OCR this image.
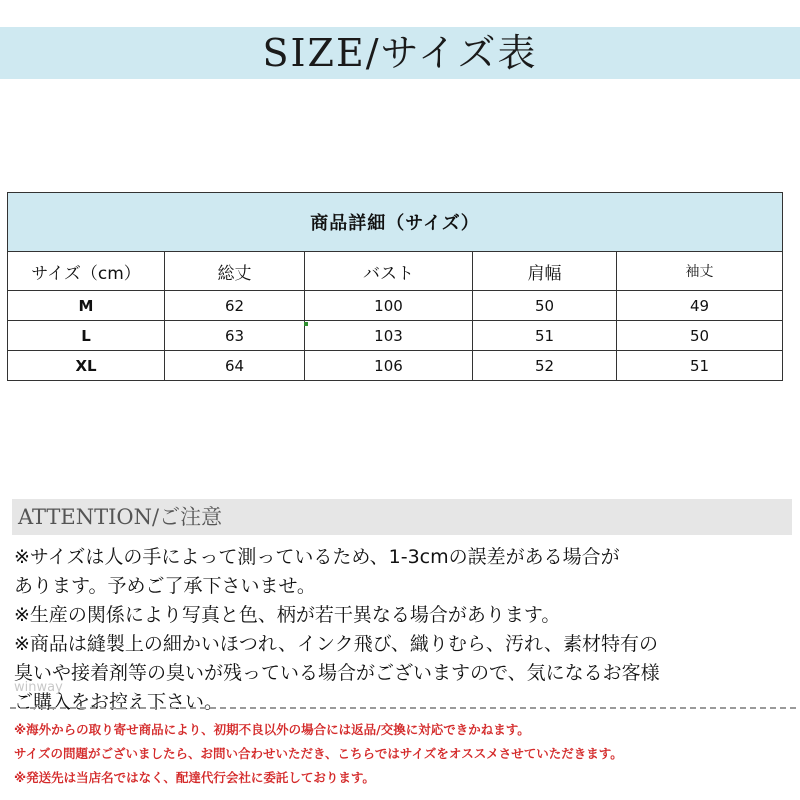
SIZE/サイズ表
商品詳細（サイズ）				
サイズ（cm）	総丈	バスト	肩幅	袖丈
M	62	100	50	49
L	63	103	51	50
XL	64	106	52	51
ATTENTION/ご注意

※サイズは人の手によって測っているため、1-3cmの誤差がある場合が

あります。予めご了承下さいませ。

※生産の関係により写真と色、柄が若干異なる場合があります。

※商品は縫製上の細かいほつれ、インク飛び、織りむら、汚れ、素材特有の

臭いや接着剤等の臭いが残っている場合がございますので、気になるお客様

ご購入をお控え下さい。

winway

※海外からの取り寄せ商品により、初期不良以外の場合には返品/交換に対応できかねます。

サイズの問題がございましたら、お問い合わせいただき、こちらではサイズをオススメさせていただきます。

※発送先は当店名ではなく、配達代行会社に委託しております。
